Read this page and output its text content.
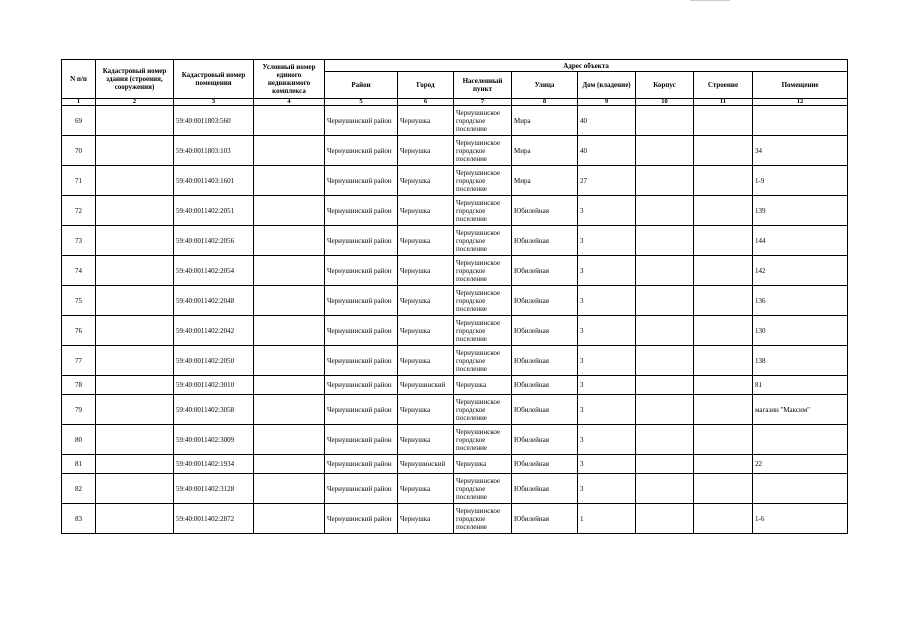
N п/п	Кадастровый номер здания (строения, сооружения)	Кадастровый номер помещения	Условный номер единого недвижимого комплекса	Адрес объекта							
				Район	Город	Населенный пункт	Улица	Дом (владение)	Корпус	Строение	Помещение
1	2	3	4	5	6	7	8	9	10	11	12
69		59:40:0011803:560		Чернушинский район	Чернушка	Чернушинское городское поселение	Мира	40			
70		59:40:0011803:103		Чернушинский район	Чернушка	Чернушинское городское поселение	Мира	40			34
71		59:40:0011403:1601		Чернушинский район	Чернушка	Чернушинское городское поселение	Мира	27			1-9
72		59:40:0011402:2051		Чернушинский район	Чернушка	Чернушинское городское поселение	Юбилейная	3			139
73		59:40:0011402:2056		Чернушинский район	Чернушка	Чернушинское городское поселение	Юбилейная	3			144
74		59:40:0011402:2054		Чернушинский район	Чернушка	Чернушинское городское поселение	Юбилейная	3			142
75		59:40:0011402:2048		Чернушинский район	Чернушка	Чернушинское городское поселение	Юбилейная	3			136
76		59:40:0011402:2042		Чернушинский район	Чернушка	Чернушинское городское поселение	Юбилейная	3			130
77		59:40:0011402:2050		Чернушинский район	Чернушка	Чернушинское городское поселение	Юбилейная	3			138
78		59:40:0011402:3010		Чернушинский район	Чернушинский	Чернушка	Юбилейная	3			81
79		59:40:0011402:3058		Чернушинский район	Чернушка	Чернушинское городское поселение	Юбилейная	3			магазин "Максим"
80		59:40:0011402:3009		Чернушинский район	Чернушка	Чернушинское городское поселение	Юбилейная	3			
81		59:40:0011402:1934		Чернушинский район	Чернушинский	Чернушка	Юбилейная	3			22
82		59:40:0011402:3128		Чернушинский район	Чернушка	Чернушинское городское поселение	Юбилейная	3			
83		59:40:0011402:2872		Чернушинский район	Чернушка	Чернушинское городское поселение	Юбилейная	1			1-6
